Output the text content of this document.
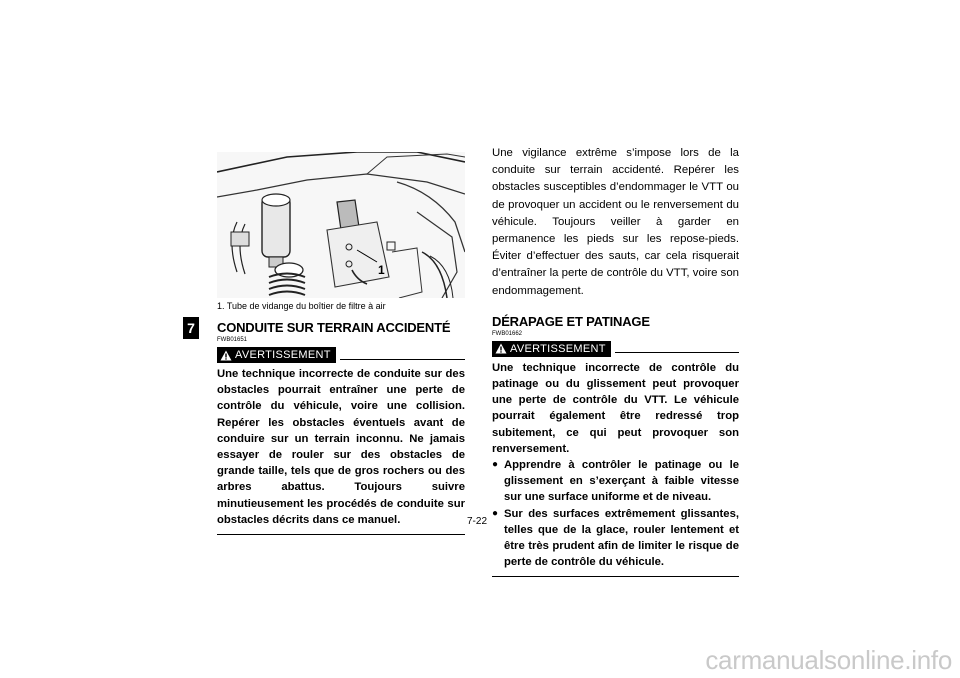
7
1
1. Tube de vidange du boîtier de filtre à air
CONDUITE SUR TERRAIN ACCIDENTÉ
FWB01651
AVERTISSEMENT
Une technique incorrecte de conduite sur des obstacles pourrait entraîner une perte de contrôle du véhicule, voire une collision. Repérer les obstacles éventuels avant de conduire sur un terrain inconnu. Ne jamais essayer de rouler sur des obstacles de grande taille, tels que de gros rochers ou des arbres abattus. Toujours suivre minutieusement les procédés de conduite sur obstacles décrits dans ce manuel.
Une vigilance extrême s’impose lors de la conduite sur terrain accidenté. Repérer les obstacles susceptibles d’endommager le VTT ou de provoquer un accident ou le renversement du véhicule. Toujours veiller à garder en permanence les pieds sur les repose-pieds. Éviter d’effectuer des sauts, car cela risquerait d’entraîner la perte de contrôle du VTT, voire son endommagement.
DÉRAPAGE ET PATINAGE
FWB01662
AVERTISSEMENT
Une technique incorrecte de contrôle du patinage ou du glissement peut provoquer une perte de contrôle du VTT. Le véhicule pourrait également être redressé trop subitement, ce qui peut provoquer son renversement.
● Apprendre à contrôler le patinage ou le glissement en s’exerçant à faible vitesse sur une surface uniforme et de niveau.
● Sur des surfaces extrêmement glissantes, telles que de la glace, rouler lentement et être très prudent afin de limiter le risque de perte de contrôle du véhicule.
7-22
carmanualsonline.info
